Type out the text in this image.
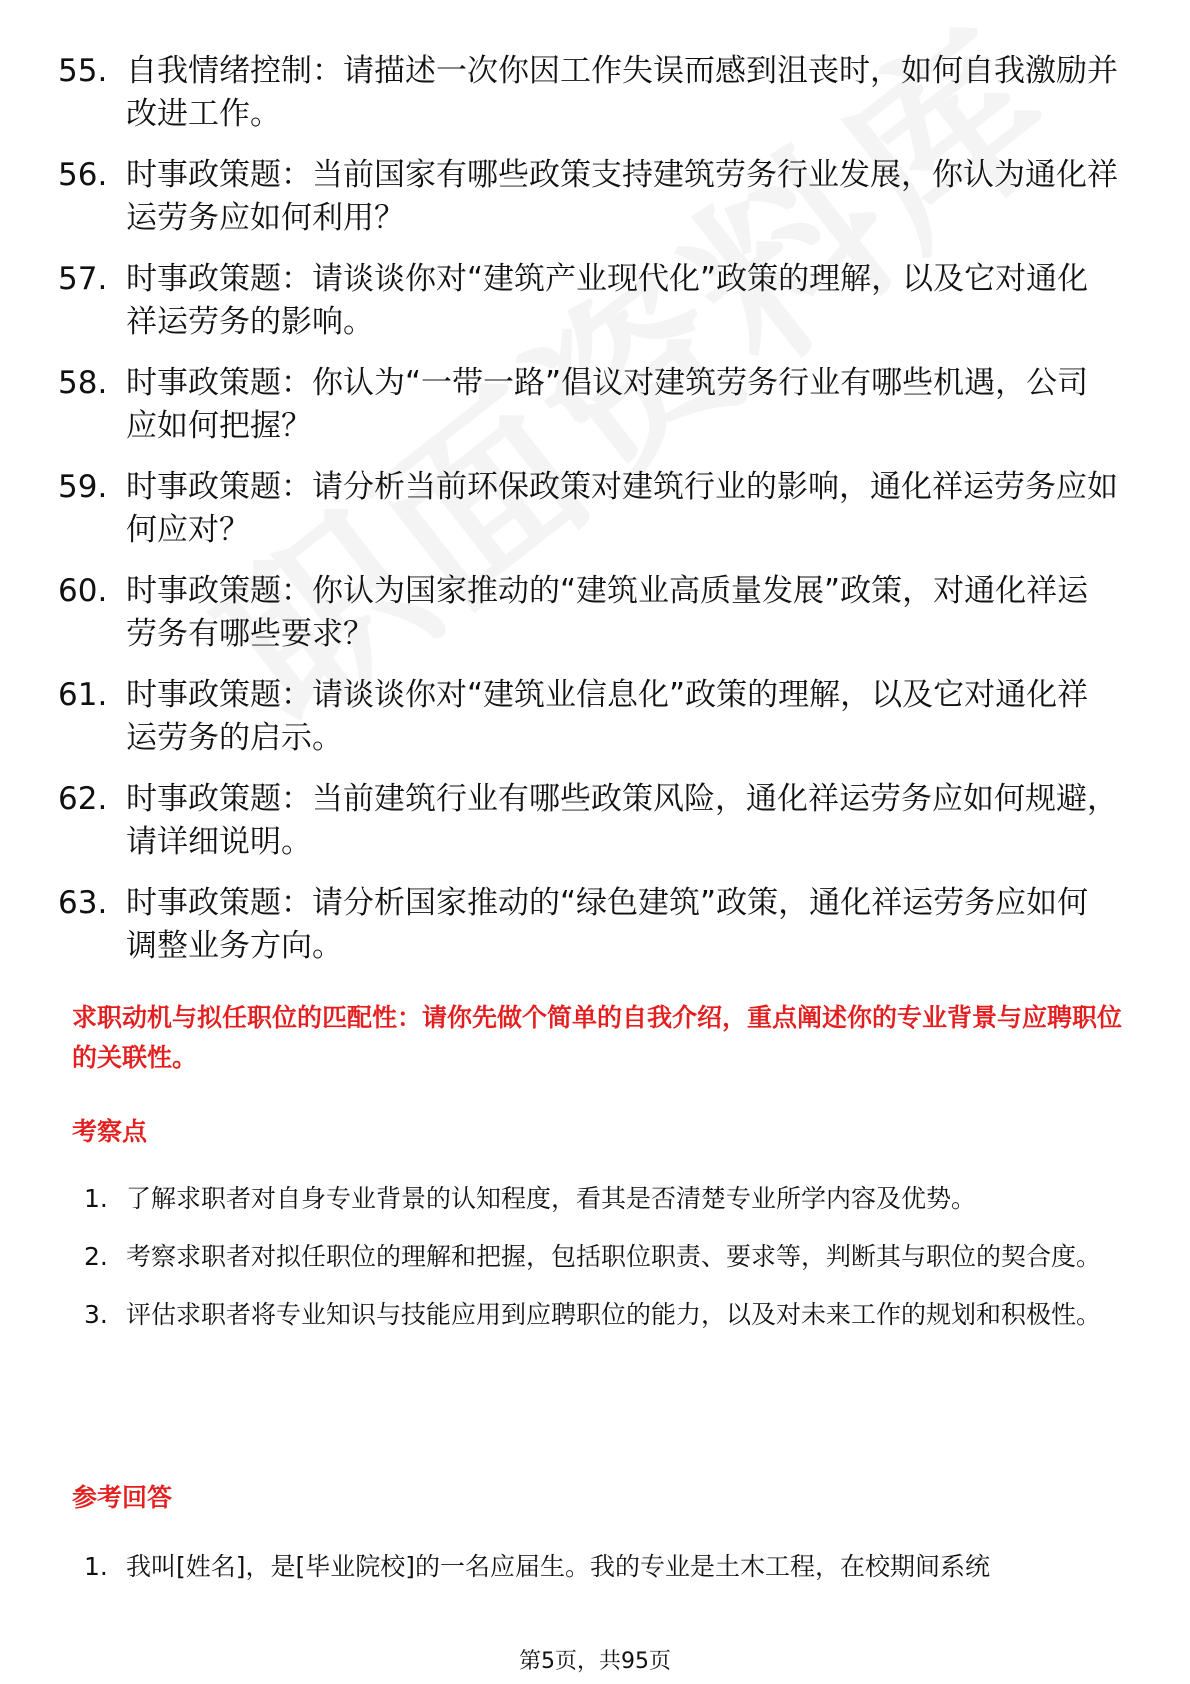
55. 自我情绪控制：请描述一次你因工作失误而感到沮丧时，如何自我激励并改进工作。
56. 时事政策题：当前国家有哪些政策支持建筑劳务行业发展，你认为通化祥运劳务应如何利用？
57. 时事政策题：请谈谈你对“建筑产业现代化”政策的理解，以及它对通化祥运劳务的影响。
58. 时事政策题：你认为“一带一路”倡议对建筑劳务行业有哪些机遇，公司应如何把握？
59. 时事政策题：请分析当前环保政策对建筑行业的影响，通化祥运劳务应如何应对？
60. 时事政策题：你认为国家推动的“建筑业高质量发展”政策，对通化祥运劳务有哪些要求？
61. 时事政策题：请谈谈你对“建筑业信息化”政策的理解，以及它对通化祥运劳务的启示。
62. 时事政策题：当前建筑行业有哪些政策风险，通化祥运劳务应如何规避，请详细说明。
63. 时事政策题：请分析国家推动的“绿色建筑”政策，通化祥运劳务应如何调整业务方向。
求职动机与拟任职位的匹配性：请你先做个简单的自我介绍，重点阐述你的专业背景与应聘职位的关联性。
考察点
1. 了解求职者对自身专业背景的认知程度，看其是否清楚专业所学内容及优势。
2. 考察求职者对拟任职位的理解和把握，包括职位职责、要求等，判断其与职位的契合度。
3. 评估求职者将专业知识与技能应用到应聘职位的能力，以及对未来工作的规划和积极性。
参考回答
1. 我叫[姓名]，是[毕业院校]的一名应届生。我的专业是土木工程，在校期间系统
第5页，共95页
